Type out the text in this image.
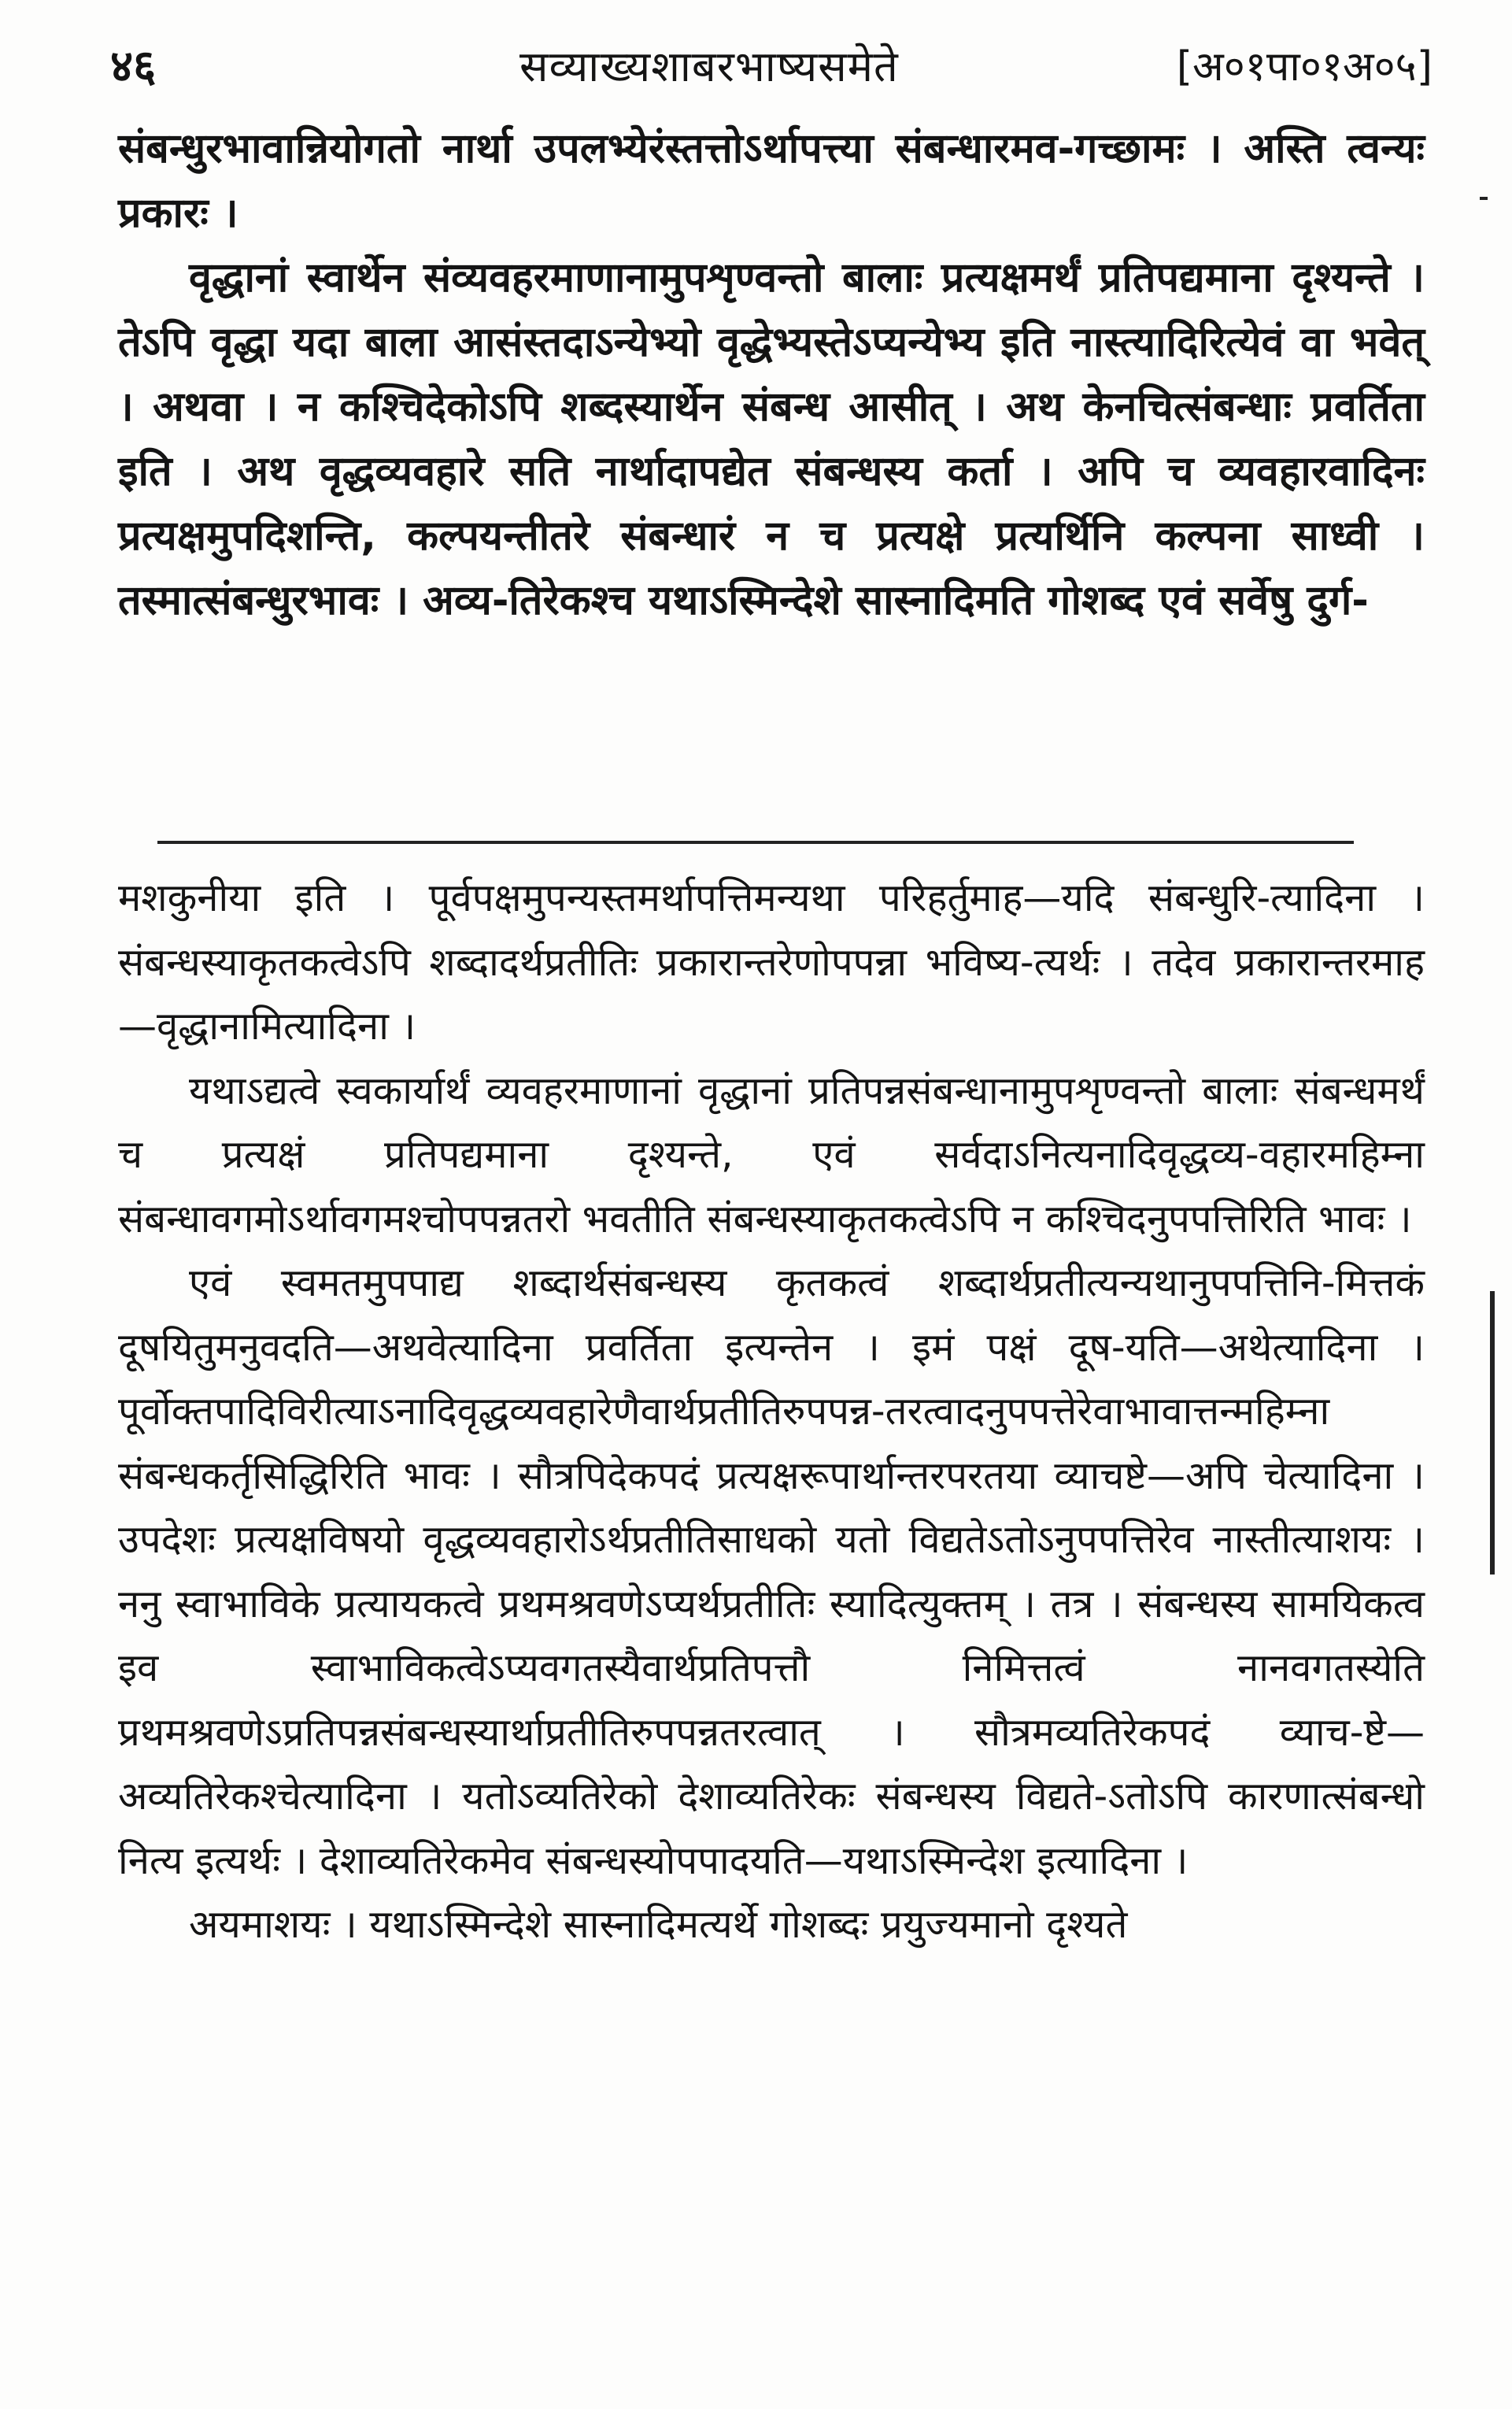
४६	सव्याख्यशाबरभाष्यसमेते	[अ०१पा०१अ०५]

संबन्धुरभावान्नियोगतो नार्था उपलभ्येरंस्तत्तोऽर्थापत्त्या संबन्धारमव-गच्छामः । अस्ति त्वन्यः प्रकारः ।

वृद्धानां स्वार्थेन संव्यवहरमाणानामुपशृण्वन्तो बालाः प्रत्यक्षमर्थं प्रतिपद्यमाना दृश्यन्ते । तेऽपि वृद्धा यदा बाला आसंस्तदाऽन्येभ्यो वृद्धेभ्यस्तेऽप्यन्येभ्य इति नास्त्यादिरित्येवं वा भवेत् । अथवा । न कश्चिदेकोऽपि शब्दस्यार्थेन संबन्ध आसीत् । अथ केनचित्संबन्धाः प्रवर्तिता इति । अथ वृद्धव्यवहारे सति नार्थादापद्येत संबन्धस्य कर्ता । अपि च व्यवहारवादिनः प्रत्यक्षमुपदिशन्ति, कल्पयन्तीतरे संबन्धारं न च प्रत्यक्षे प्रत्यर्थिनि कल्पना साध्वी । तस्मात्संबन्धुरभावः । अव्य-तिरेकश्च यथाऽस्मिन्देशे सास्नादिमति गोशब्द एवं सर्वेषु दुर्ग-

मशकुनीया इति । पूर्वपक्षमुपन्यस्तमर्थापत्तिमन्यथा परिहर्तुमाह—यदि संबन्धुरि-त्यादिना । संबन्धस्याकृतकत्वेऽपि शब्दादर्थप्रतीतिः प्रकारान्तरेणोपपन्ना भविष्य-त्यर्थः । तदेव प्रकारान्तरमाह—वृद्धानामित्यादिना ।

यथाऽद्यत्वे स्वकार्यार्थं व्यवहरमाणानां वृद्धानां प्रतिपन्नसंबन्धानामुपशृण्वन्तो बालाः संबन्धमर्थं च प्रत्यक्षं प्रतिपद्यमाना दृश्यन्ते, एवं सर्वदाऽनित्यनादिवृद्धव्य-वहारमहिम्ना संबन्धावगमोऽर्थावगमश्चोपपन्नतरो भवतीति संबन्धस्याकृतकत्वेऽपि न कश्चिदनुपपत्तिरिति भावः ।

एवं स्वमतमुपपाद्य शब्दार्थसंबन्धस्य कृतकत्वं शब्दार्थप्रतीत्यन्यथानुपपत्तिनि-मित्तकं दूषयितुमनुवदति—अथवेत्यादिना प्रवर्तिता इत्यन्तेन । इमं पक्षं दूष-यति—अथेत्यादिना । पूर्वोक्तपादिविरीत्याऽनादिवृद्धव्यवहारेणैवार्थप्रतीतिरुपपन्न-तरत्वादनुपपत्तेरेवाभावात्तन्महिम्ना संबन्धकर्तृसिद्धिरिति भावः । सौत्रपिदेकपदं प्रत्यक्षरूपार्थान्तरपरतया व्याचष्टे—अपि चेत्यादिना । उपदेशः प्रत्यक्षविषयो वृद्धव्यवहारोऽर्थप्रतीतिसाधको यतो विद्यतेऽतोऽनुपपत्तिरेव नास्तीत्याशयः । ननु स्वाभाविके प्रत्यायकत्वे प्रथमश्रवणेऽप्यर्थप्रतीतिः स्यादित्युक्तम् । तत्र । संबन्धस्य सामयिकत्व इव स्वाभाविकत्वेऽप्यवगतस्यैवार्थप्रतिपत्तौ निमित्तत्वं नानवगतस्येति प्रथमश्रवणेऽप्रतिपन्नसंबन्धस्यार्थाप्रतीतिरुपपन्नतरत्वात् । सौत्रमव्यतिरेकपदं व्याच-ष्टे—अव्यतिरेकश्चेत्यादिना । यतोऽव्यतिरेको देशाव्यतिरेकः संबन्धस्य विद्यते-ऽतोऽपि कारणात्संबन्धो नित्य इत्यर्थः । देशाव्यतिरेकमेव संबन्धस्योपपादयति—यथाऽस्मिन्देश इत्यादिना ।

अयमाशयः । यथाऽस्मिन्देशे सास्नादिमत्यर्थे गोशब्दः प्रयुज्यमानो दृश्यते
